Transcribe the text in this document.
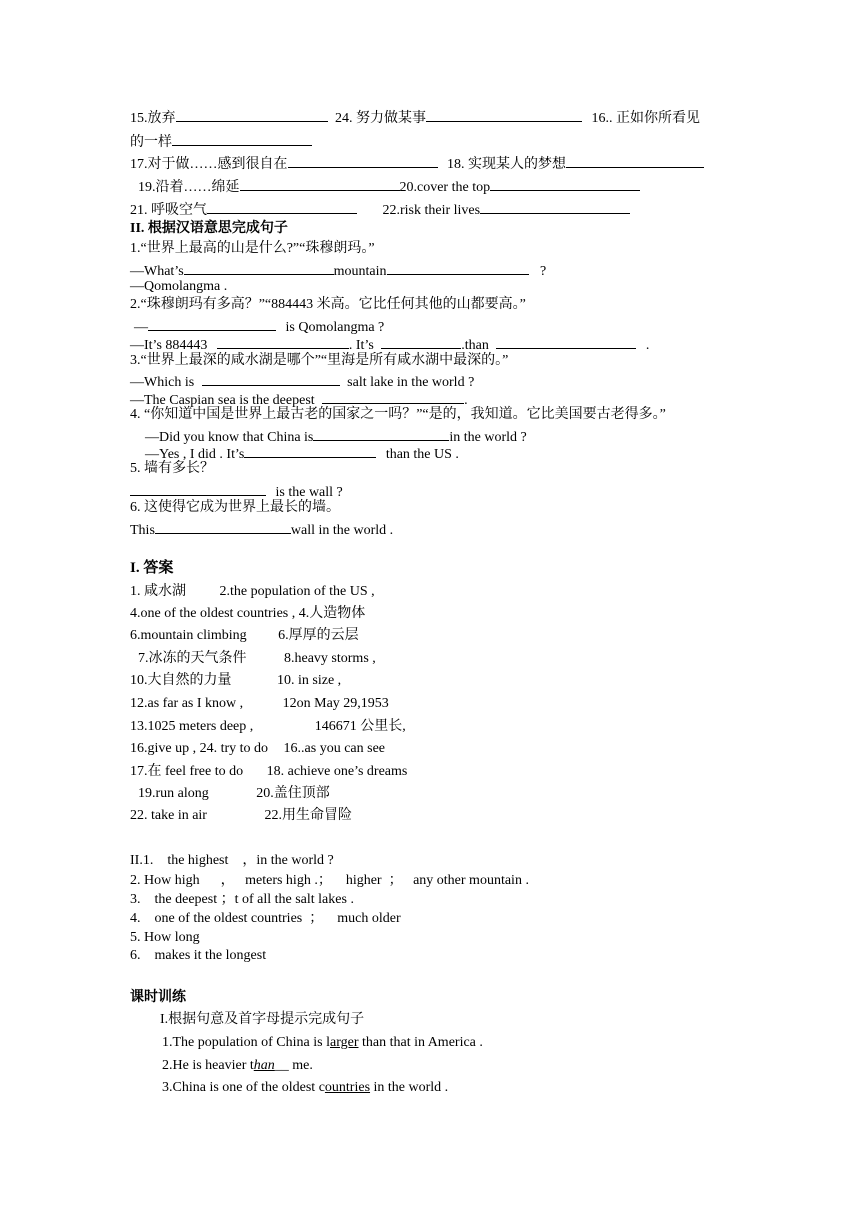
15.放弃	24. 努力做某事	16.. 正如你所看见
的一样
17.对于做……感到很自在	18. 实现某人的梦想
19.沿着……绵延	20.cover the top
21. 呼吸空气	22.risk their lives
II. 根据汉语意思完成句子
1.“世界上最高的山是什么?”“珠穆朗玛。”
—What’s	mountain	?
—Qomolangma .
2.“珠穆朗玛有多高？”“884443 米高。它比任何其他的山都要高。”
—	is Qomolangma ?
—It’s 884443	. It’s	.than	.
3.“世界上最深的咸水湖是哪个”“里海是所有咸水湖中最深的。”
—Which is	salt lake in the world ?
—The Caspian sea is the deepest	.
4. “你知道中国是世界上最古老的国家之一吗？”“是的，我知道。它比美国要古老得多。”
—Did you know that China is	in the world ?
—Yes , I did . It’s	than the US .
5. 墙有多长？
is the wall ?
6. 这使得它成为世界上最长的墙。
This	wall in the world .
I. 答案
1. 咸水湖 2.the population of the US ,
4.one of the oldest countries , 4.人造物体
6.mountain climbing 6.厚厚的云层
7.冰冻的天气条件	8.heavy storms ,
10.大自然的力量	10. in size ,
12.as far as I know ,	12on May 29,1953
13.1025 meters deep ,	146671 公里长,
16.give up , 24. try to do 16..as you can see
17.在 feel free to do 18. achieve one’s dreams
19.run along	20.盖住顶部
22. take in air	22.用生命冒险
II.1.    the highest    ，in the world ?
2. How high      ，   meters high .；    higher  ；   any other mountain .
3.    the deepest ；t of all the salt lakes .
4.    one of the oldest countries  ；    much older
5. How long
6.    makes it the longest
课时训练
I.根据句意及首字母提示完成句子
1.The population of China is larger than that in America .
2.He is heavier than__ me.
3.China is one of the oldest countries in the world .
